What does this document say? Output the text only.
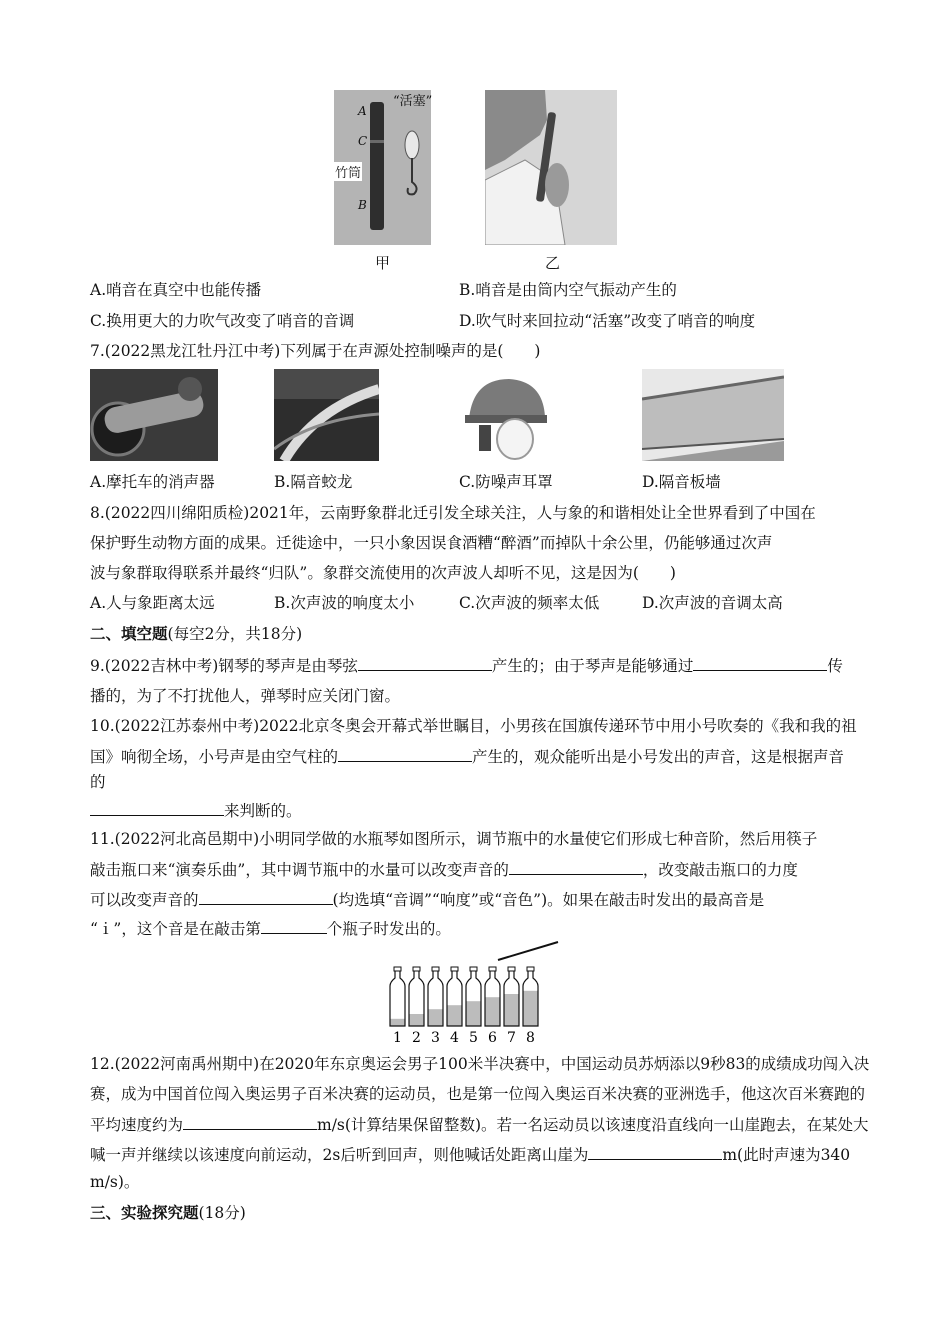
“活塞”
A
C
竹筒
B
甲	乙
A.哨音在真空中也能传播	B.哨音是由筒内空气振动产生的
C.换用更大的力吹气改变了哨音的音调	D.吹气时来回拉动“活塞”改变了哨音的响度
7.(2022黑龙江牡丹江中考)下列属于在声源处控制噪声的是(　　)
A.摩托车的消声器	B.隔音蛟龙	C.防噪声耳罩	D.隔音板墙
8.(2022四川绵阳质检)2021年，云南野象群北迁引发全球关注，人与象的和谐相处让全世界看到了中国在
保护野生动物方面的成果。迁徙途中，一只小象因误食酒糟“醉酒”而掉队十余公里，仍能够通过次声
波与象群取得联系并最终“归队”。象群交流使用的次声波人却听不见，这是因为(　　)
A.人与象距离太远	B.次声波的响度太小	C.次声波的频率太低	D.次声波的音调太高
二、填空题(每空2分，共18分)
9.(2022吉林中考)钢琴的琴声是由琴弦	产生的；由于琴声是能够通过	传
播的，为了不打扰他人，弹琴时应关闭门窗。
10.(2022江苏泰州中考)2022北京冬奥会开幕式举世瞩目，小男孩在国旗传递环节中用小号吹奏的《我和我的祖
国》响彻全场，小号声是由空气柱的	产生的，观众能听出是小号发出的声音，这是根据声音
的
来判断的。
11.(2022河北高邑期中)小明同学做的水瓶琴如图所示，调节瓶中的水量使它们形成七种音阶，然后用筷子
敲击瓶口来“演奏乐曲”，其中调节瓶中的水量可以改变声音的	，改变敲击瓶口的力度
可以改变声音的	(均选填“音调”“响度”或“音色”)。如果在敲击时发出的最高音是
“ｉ”，这个音是在敲击第	个瓶子时发出的。
1 2 3 4 5 6 7 8
12.(2022河南禹州期中)在2020年东京奥运会男子100米半决赛中，中国运动员苏炳添以9秒83的成绩成功闯入决
赛，成为中国首位闯入奥运男子百米决赛的运动员，也是第一位闯入奥运百米决赛的亚洲选手，他这次百米赛跑的
平均速度约为	m/s(计算结果保留整数)。若一名运动员以该速度沿直线向一山崖跑去，在某处大
喊一声并继续以该速度向前运动，2s后听到回声，则他喊话处距离山崖为	m(此时声速为340
m/s)。
三、实验探究题(18分)
